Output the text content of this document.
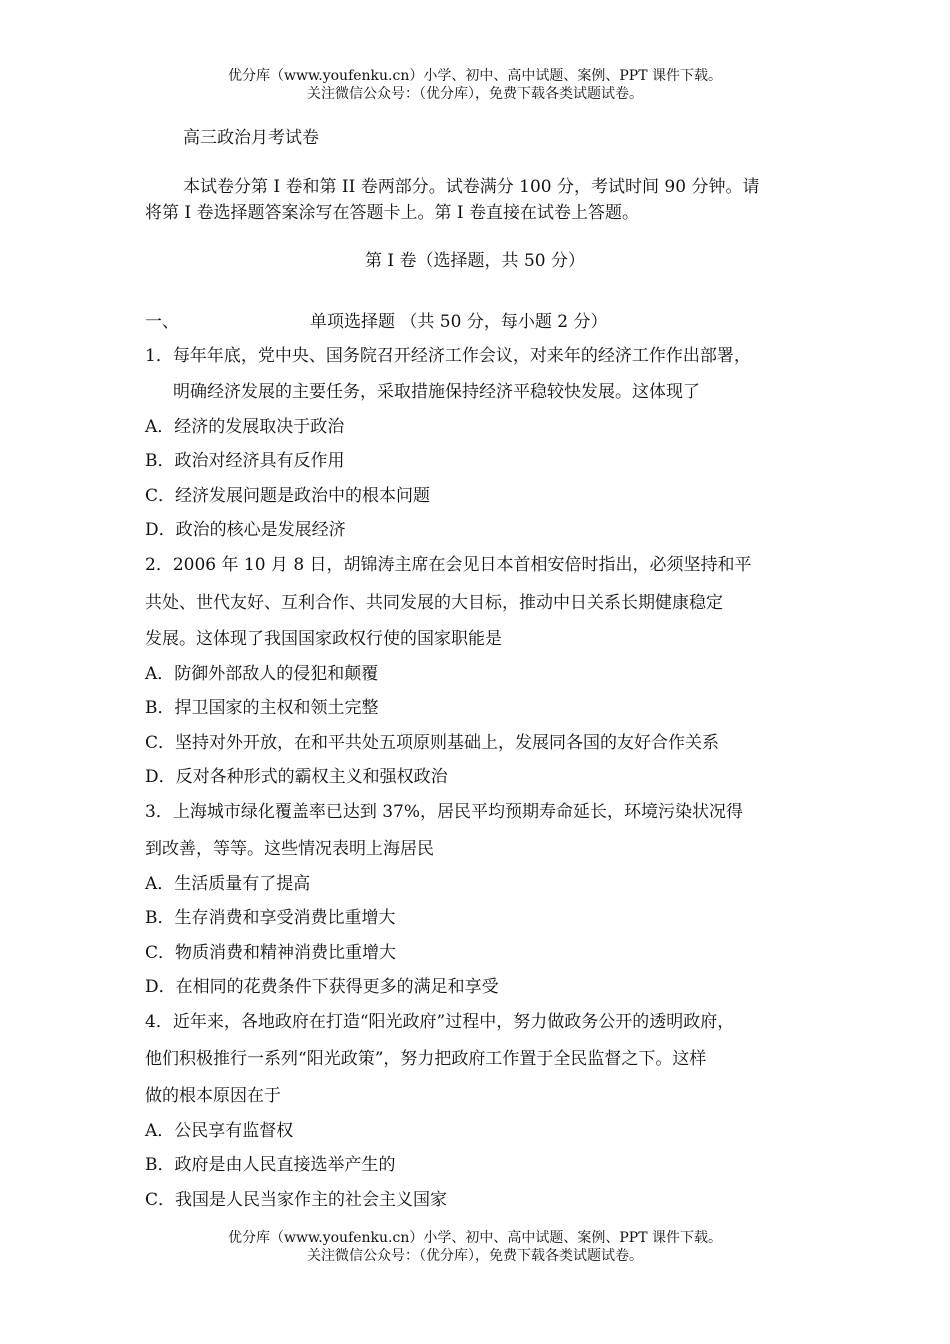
优分库（www.youfenku.cn）小学、初中、高中试题、案例、PPT 课件下载。
关注微信公众号：（优分库），免费下载各类试题试卷。
高三政治月考试卷
本试卷分第 I 卷和第 II 卷两部分。试卷满分 100 分，考试时间 90 分钟。请
将第 I 卷选择题答案涂写在答题卡上。第 I 卷直接在试卷上答题。
第 I 卷（选择题，共 50 分）
一、	单项选择题 （共 50 分，每小题 2 分）
1．每年年底，党中央、国务院召开经济工作会议，对来年的经济工作作出部署，
明确经济发展的主要任务，采取措施保持经济平稳较快发展。这体现了
A．经济的发展取决于政治
B．政治对经济具有反作用
C．经济发展问题是政治中的根本问题
D．政治的核心是发展经济
2．2006 年 10 月 8 日，胡锦涛主席在会见日本首相安倍时指出，必须坚持和平
共处、世代友好、互利合作、共同发展的大目标，推动中日关系长期健康稳定
发展。这体现了我国国家政权行使的国家职能是
A．防御外部敌人的侵犯和颠覆
B．捍卫国家的主权和领土完整
C．坚持对外开放，在和平共处五项原则基础上，发展同各国的友好合作关系
D．反对各种形式的霸权主义和强权政治
3．上海城市绿化覆盖率已达到 37%，居民平均预期寿命延长，环境污染状况得
到改善，等等。这些情况表明上海居民
A．生活质量有了提高
B．生存消费和享受消费比重增大
C．物质消费和精神消费比重增大
D．在相同的花费条件下获得更多的满足和享受
4．近年来，各地政府在打造“阳光政府”过程中，努力做政务公开的透明政府，
他们积极推行一系列“阳光政策”，努力把政府工作置于全民监督之下。这样
做的根本原因在于
A．公民享有监督权
B．政府是由人民直接选举产生的
C．我国是人民当家作主的社会主义国家
优分库（www.youfenku.cn）小学、初中、高中试题、案例、PPT 课件下载。
关注微信公众号：（优分库），免费下载各类试题试卷。
